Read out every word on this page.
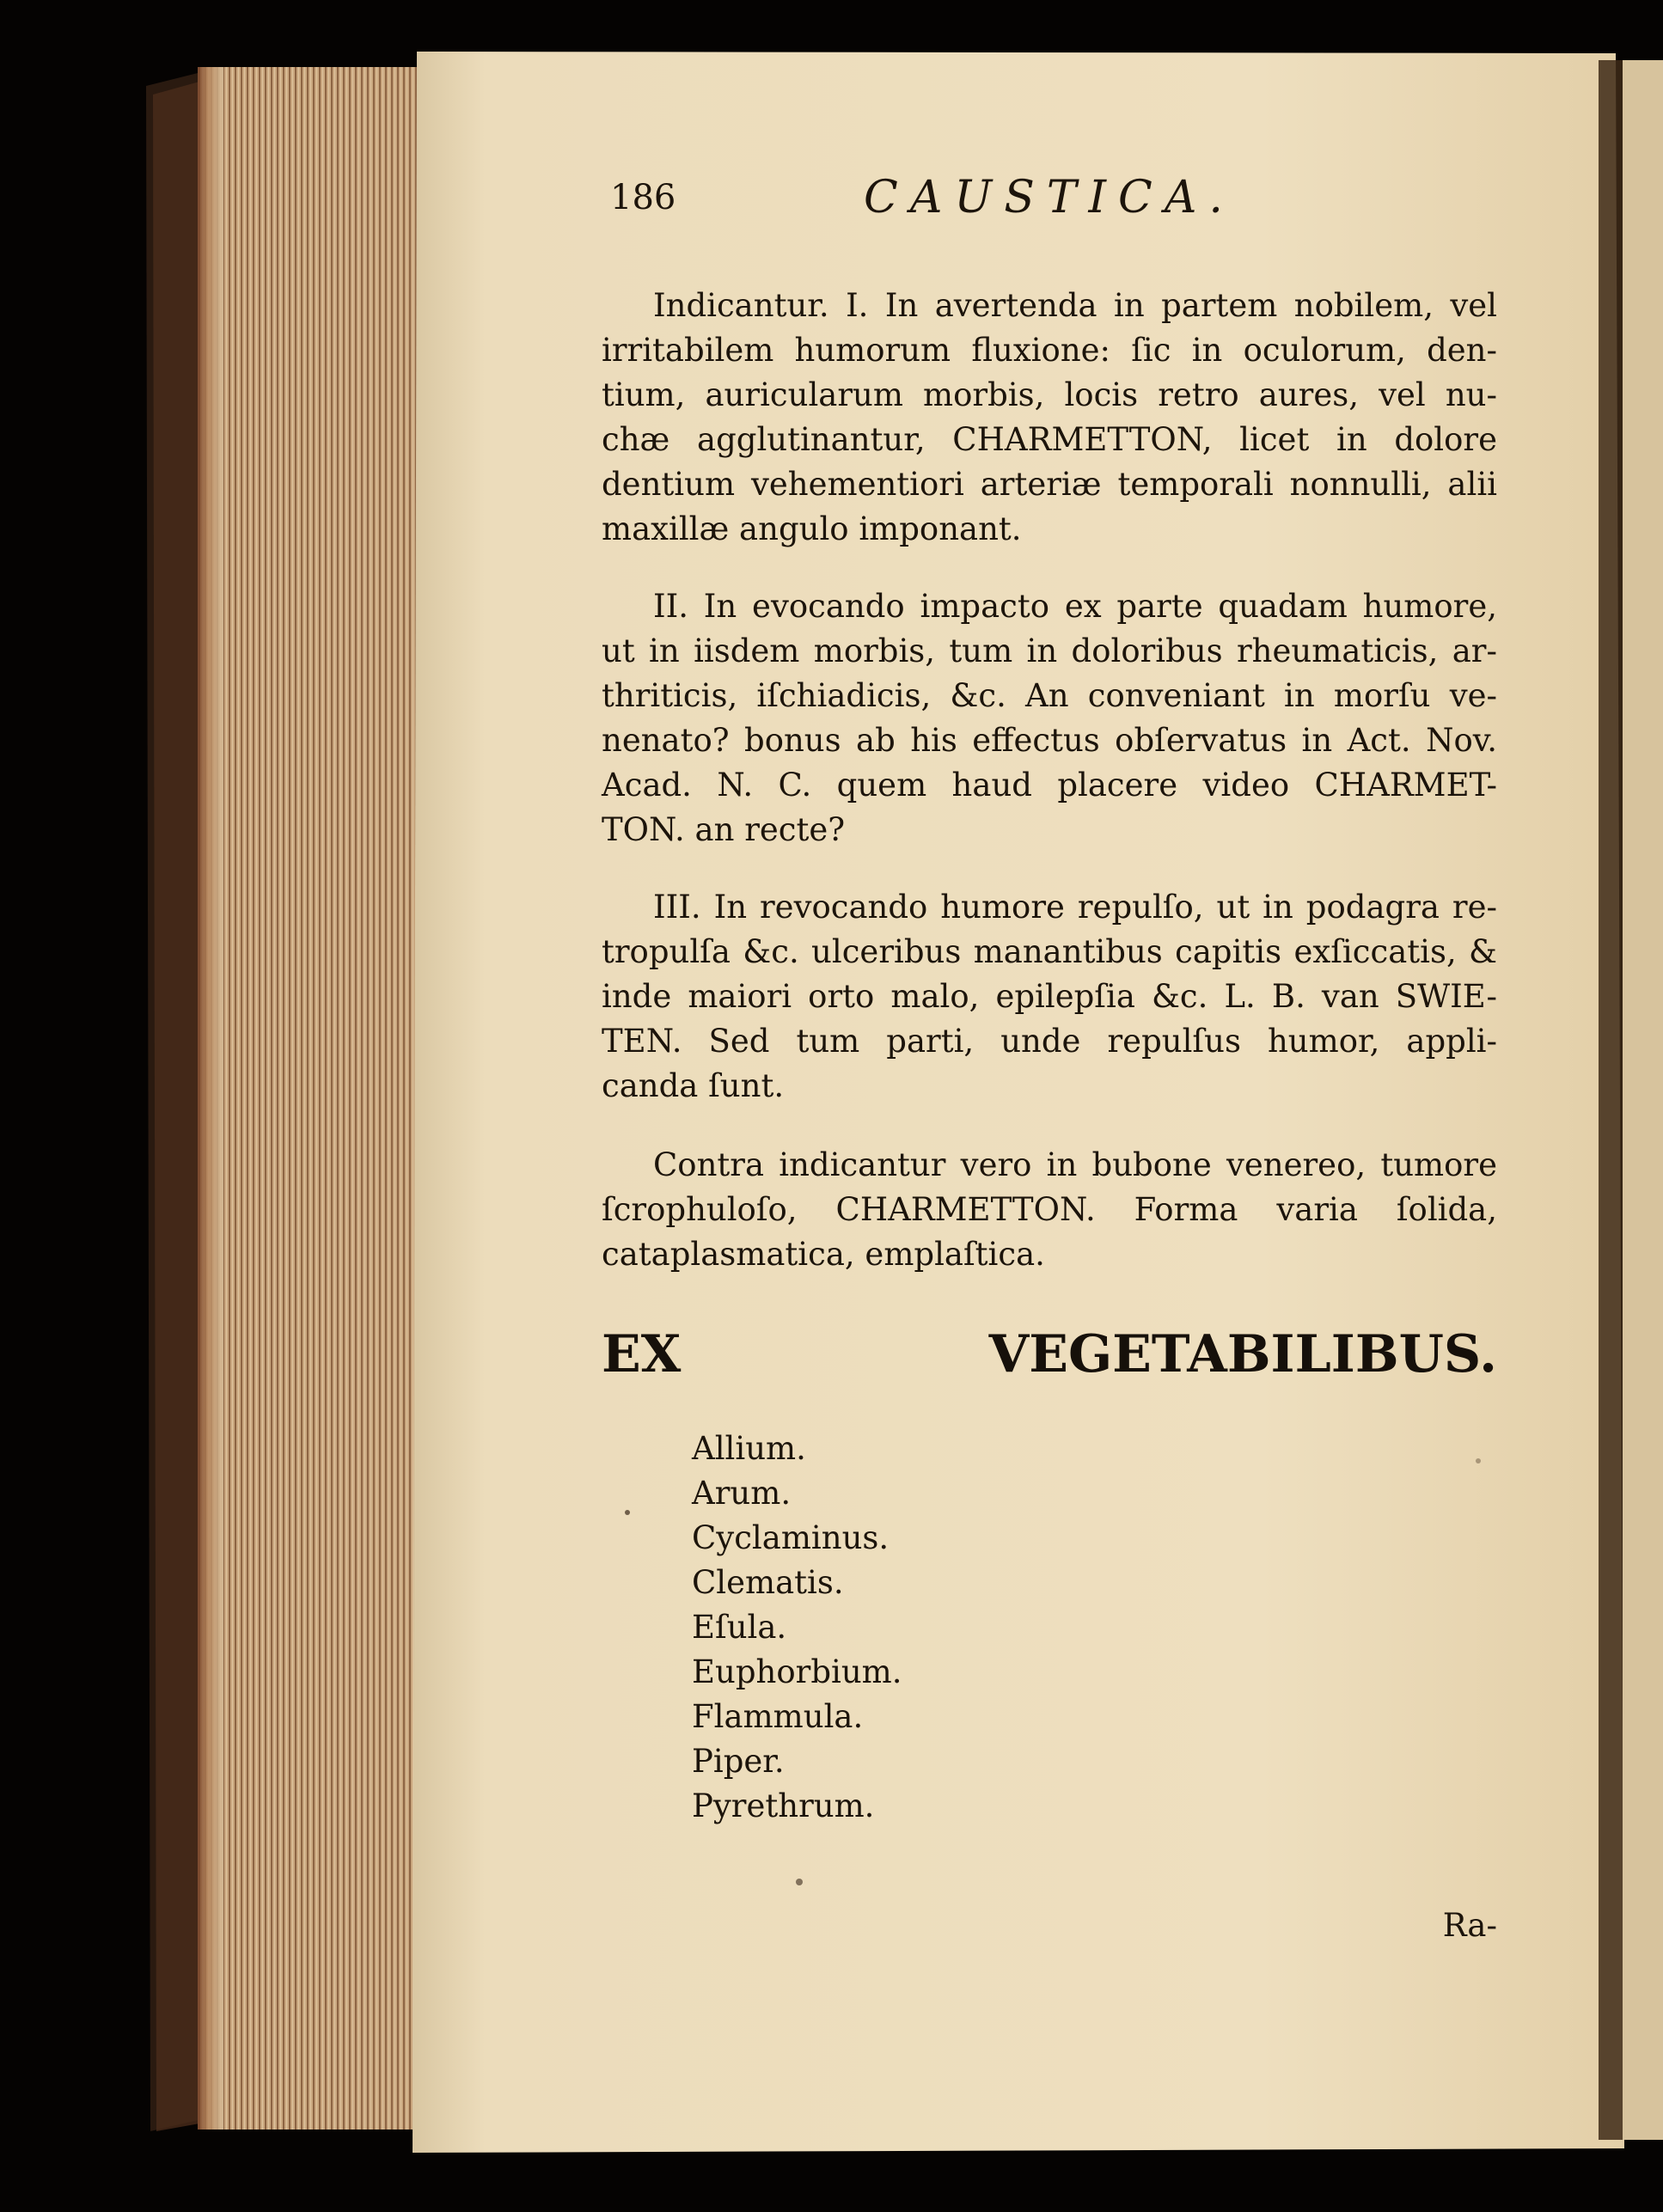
186	CAUSTICA.

Indicantur. I. In avertenda in partem nobilem, vel

irritabilem humorum fluxione: ſic in oculorum, den-

tium, auricularum morbis, locis retro aures, vel nu-

chæ agglutinantur, CHARMETTON, licet in dolore

dentium vehementiori arteriæ temporali nonnulli, alii

maxillæ angulo imponant.

II. In evocando impacto ex parte quadam humore,

ut in iisdem morbis, tum in doloribus rheumaticis, ar-

thriticis, iſchiadicis, &c. An conveniant in morſu ve-

nenato? bonus ab his effectus obſervatus in Act. Nov.

Acad. N. C. quem haud placere video CHARMET-

TON. an recte?

III. In revocando humore repulſo, ut in podagra re-

tropulſa &c. ulceribus manantibus capitis exſiccatis, &

inde maiori orto malo, epilepſia &c. L. B. van SWIE-

TEN. Sed tum parti, unde repulſus humor, appli-

canda ſunt.

Contra indicantur vero in bubone venereo, tumore

ſcrophuloſo, CHARMETTON. Forma varia ſolida,

cataplasmatica, emplaſtica.

EX VEGETABILIBUS.

Allium.

Arum.

Cyclaminus.

Clematis.

Eſula.

Euphorbium.

Flammula.

Piper.

Pyrethrum.

Ra-
